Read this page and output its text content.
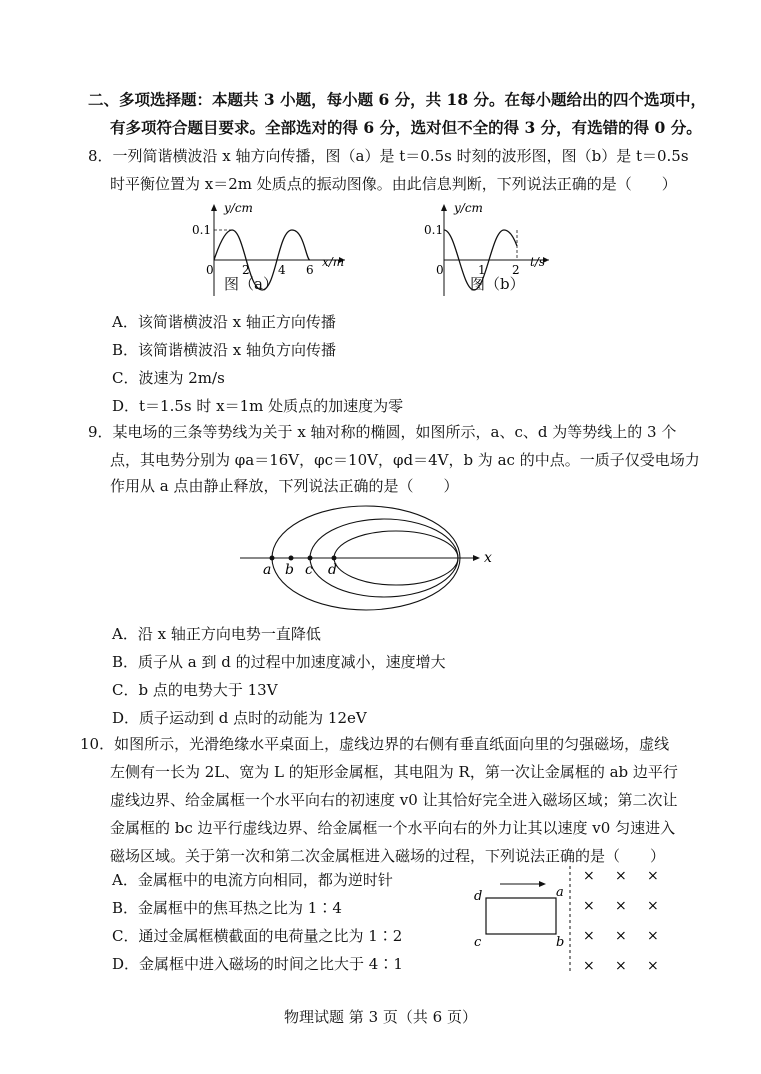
二、多项选择题：本题共 3 小题，每小题 6 分，共 18 分。在每小题给出的四个选项中，
有多项符合题目要求。全部选对的得 6 分，选对但不全的得 3 分，有选错的得 0 分。
8．一列简谐横波沿 x 轴方向传播，图（a）是 t＝0.5s 时刻的波形图，图（b）是 t＝0.5s
时平衡位置为 x＝2m 处质点的振动图像。由此信息判断，下列说法正确的是（　　）
y/cm
x/m
0.1
0 2 4 6
图（a）
y/cm
t/s
0.1
0	1 2
图（b）
A．该简谐横波沿 x 轴正方向传播
B．该简谐横波沿 x 轴负方向传播
C．波速为 2m/s
D．t＝1.5s 时 x＝1m 处质点的加速度为零
9．某电场的三条等势线为关于 x 轴对称的椭圆，如图所示，a、c、d 为等势线上的 3 个
点，其电势分别为 φa＝16V，φc＝10V，φd＝4V，b 为 ac 的中点。一质子仅受电场力
作用从 a 点由静止释放，下列说法正确的是（　　）
x
a b c d
A．沿 x 轴正方向电势一直降低
B．质子从 a 到 d 的过程中加速度减小，速度增大
C．b 点的电势大于 13V
D．质子运动到 d 点时的动能为 12eV
10．如图所示，光滑绝缘水平桌面上，虚线边界的右侧有垂直纸面向里的匀强磁场，虚线
左侧有一长为 2L、宽为 L 的矩形金属框，其电阻为 R，第一次让金属框的 ab 边平行
虚线边界、给金属框一个水平向右的初速度 v0 让其恰好完全进入磁场区域；第二次让
金属框的 bc 边平行虚线边界、给金属框一个水平向右的外力让其以速度 v0 匀速进入
磁场区域。关于第一次和第二次金属框进入磁场的过程，下列说法正确的是（　　）
A．金属框中的电流方向相同，都为逆时针
B．金属框中的焦耳热之比为 1∶4
C．通过金属框横截面的电荷量之比为 1∶2
D．金属框中进入磁场的时间之比大于 4∶1
d	a
c	b
× × ×
× × ×
× × ×
× × ×
物理试题 第 3 页（共 6 页）
